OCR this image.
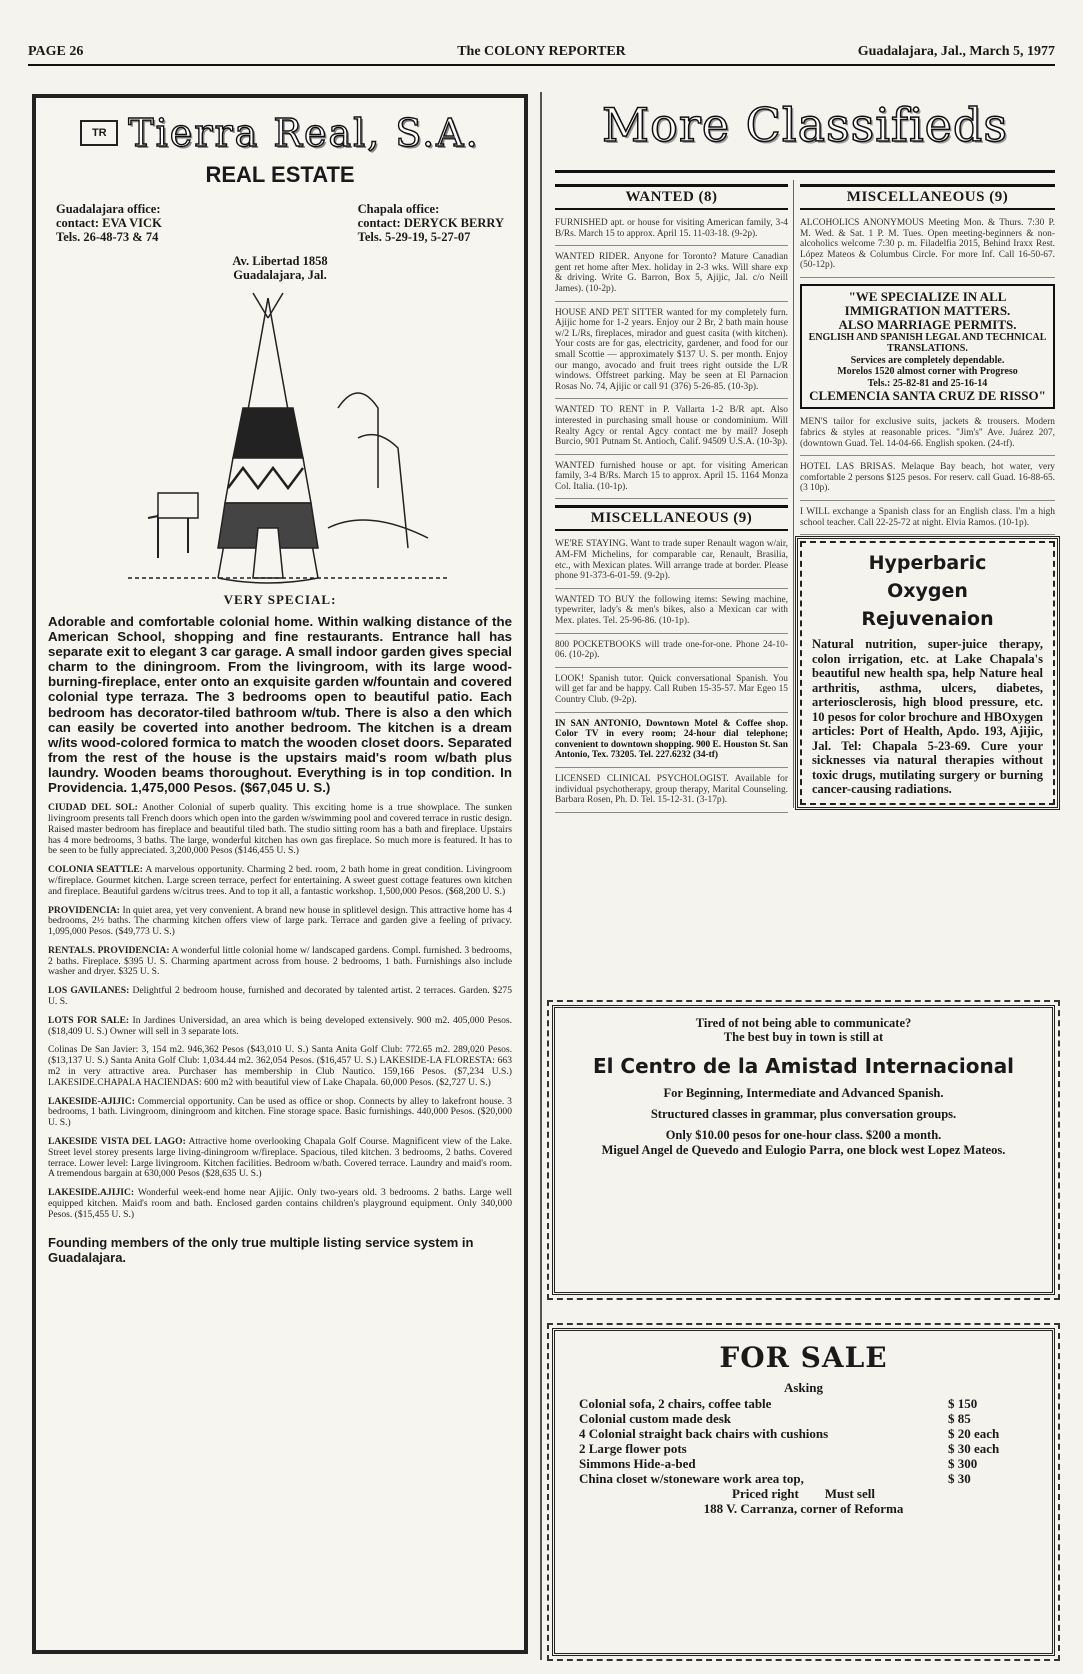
The COLONY REPORTER
PAGE 26	Guadalajara, Jal., March 5, 1977
TR Tierra Real, S.A.
REAL ESTATE
Guadalajara office:
contact: EVA VICK
Tels. 26-48-73 & 74
Chapala office:
contact: DERYCK BERRY
Tels. 5-29-19, 5-27-07
Av. Libertad 1858
Guadalajara, Jal.
VERY SPECIAL:
Adorable and comfortable colonial home. Within walking distance of the American School, shopping and fine restaurants. Entrance hall has separate exit to elegant 3 car garage. A small indoor garden gives special charm to the diningroom. From the livingroom, with its large wood-burning-fireplace, enter onto an exquisite garden w/fountain and covered colonial type terraza. The 3 bedrooms open to beautiful patio. Each bedroom has decorator-tiled bathroom w/tub. There is also a den which can easily be coverted into another bedroom. The kitchen is a dream w/its wood-colored formica to match the wooden closet doors. Separated from the rest of the house is the upstairs maid's room w/bath plus laundry. Wooden beams thoroughout. Everything is in top condition. In Providencia. 1,475,000 Pesos. ($67,045 U. S.)
CIUDAD DEL SOL: Another Colonial of superb quality. This exciting home is a true showplace. The sunken livingroom presents tall French doors which open into the garden w/swimming pool and covered terrace in rustic design. Raised master bedroom has fireplace and beautiful tiled bath. The studio sitting room has a bath and fireplace. Upstairs has 4 more bedrooms, 3 baths. The large, wonderful kitchen has own gas fireplace. So much more is featured. It has to be seen to be fully appreciated. 3,200,000 Pesos ($146,455 U. S.)
COLONIA SEATTLE: A marvelous opportunity. Charming 2 bed. room, 2 bath home in great condition. Livingroom w/fireplace. Gourmet kitchen. Large screen terrace, perfect for entertaining. A sweet guest cottage features own kitchen and fireplace. Beautiful gardens w/citrus trees. And to top it all, a fantastic workshop. 1,500,000 Pesos. ($68,200 U. S.)
PROVIDENCIA: In quiet area, yet very convenient. A brand new house in splitlevel design. This attractive home has 4 bedrooms, 2½ baths. The charming kitchen offers view of large park. Terrace and garden give a feeling of privacy. 1,095,000 Pesos. ($49,773 U. S.)
RENTALS. PROVIDENCIA: A wonderful little colonial home w/ landscaped gardens. Compl. furnished. 3 bedrooms, 2 baths. Fireplace. $395 U. S. Charming apartment across from house. 2 bedrooms, 1 bath. Furnishings also include washer and dryer. $325 U. S.
LOS GAVILANES: Delightful 2 bedroom house, furnished and decorated by talented artist. 2 terraces. Garden. $275 U. S.
LOTS FOR SALE: In Jardines Universidad, an area which is being developed extensively. 900 m2. 405,000 Pesos. ($18,409 U. S.) Owner will sell in 3 separate lots.
Colinas De San Javier: 3, 154 m2. 946,362 Pesos ($43,010 U. S.) Santa Anita Golf Club: 772.65 m2. 289,020 Pesos. ($13,137 U. S.) Santa Anita Golf Club: 1,034.44 m2. 362,054 Pesos. ($16,457 U. S.) LAKESIDE-LA FLORESTA: 663 m2 in very attractive area. Purchaser has membership in Club Nautico. 159,166 Pesos. ($7,234 U.S.) LAKESIDE.CHAPALA HACIENDAS: 600 m2 with beautiful view of Lake Chapala. 60,000 Pesos. ($2,727 U. S.)
LAKESIDE-AJIJIC: Commercial opportunity. Can be used as office or shop. Connects by alley to lakefront house. 3 bedrooms, 1 bath. Livingroom, diningroom and kitchen. Fine storage space. Basic furnishings. 440,000 Pesos. ($20,000 U. S.)
LAKESIDE VISTA DEL LAGO: Attractive home overlooking Chapala Golf Course. Magnificent view of the Lake. Street level storey presents large living-diningroom w/fireplace. Spacious, tiled kitchen. 3 bedrooms, 2 baths. Covered terrace. Lower level: Large livingroom. Kitchen facilities. Bedroom w/bath. Covered terrace. Laundry and maid's room. A tremendous bargain at 630,000 Pesos ($28,635 U. S.)
LAKESIDE.AJIJIC: Wonderful week-end home near Ajijic. Only two-years old. 3 bedrooms. 2 baths. Large well equipped kitchen. Maid's room and bath. Enclosed garden contains children's playground equipment. Only 340,000 Pesos. ($15,455 U. S.)
Founding members of the only true multiple listing service system in Guadalajara.
More Classifieds
WANTED (8)
FURNISHED apt. or house for visiting American family, 3-4 B/Rs. March 15 to approx. April 15. 11-03-18. (9-2p).
WANTED RIDER. Anyone for Toronto? Mature Canadian gent ret home after Mex. holiday in 2-3 wks. Will share exp & driving. Write G. Barron, Box 5, Ajijic, Jal. c/o Neill James). (10-2p).
HOUSE AND PET SITTER wanted for my completely furn. Ajijic home for 1-2 years. Enjoy our 2 Br, 2 bath main house w/2 L/Rs, fireplaces, mirador and guest casita (with kitchen). Your costs are for gas, electricity, gardener, and food for our small Scottie — approximately $137 U. S. per month. Enjoy our mango, avocado and fruit trees right outside the L/R windows. Offstreet parking. May be seen at El Parnacion Rosas No. 74, Ajijic or call 91 (376) 5-26-85. (10-3p).
WANTED TO RENT in P. Vallarta 1-2 B/R apt. Also interested in purchasing small house or condominium. Will Realty Agcy or rental Agcy contact me by mail? Joseph Burcio, 901 Putnam St. Antioch, Calif. 94509 U.S.A. (10-3p).
WANTED furnished house or apt. for visiting American family, 3-4 B/Rs. March 15 to approx. April 15. 1164 Monza Col. Italia. (10-1p).
MISCELLANEOUS (9)
WE'RE STAYING. Want to trade super Renault wagon w/air, AM-FM Michelins, for comparable car, Renault, Brasilia, etc., with Mexican plates. Will arrange trade at border. Please phone 91-373-6-01-59. (9-2p).
WANTED TO BUY the following items: Sewing machine, typewriter, lady's & men's bikes, also a Mexican car with Mex. plates. Tel. 25-96-86. (10-1p).
800 POCKETBOOKS will trade one-for-one. Phone 24-10-06. (10-2p).
LOOK! Spanish tutor. Quick conversational Spanish. You will get far and be happy. Call Ruben 15-35-57. Mar Egeo 15 Country Club. (9-2p).
IN SAN ANTONIO, Downtown Motel & Coffee shop. Color TV in every room; 24-hour dial telephone; convenient to downtown shopping. 900 E. Houston St. San Antonio, Tex. 73205. Tel. 227.6232 (34-tf)
LICENSED CLINICAL PSYCHOLOGIST. Available for individual psychotherapy, group therapy, Marital Counseling. Barbara Rosen, Ph. D. Tel. 15-12-31. (3-17p).
MISCELLANEOUS (9)
ALCOHOLICS ANONYMOUS Meeting Mon. & Thurs. 7:30 P. M. Wed. & Sat. 1 P. M. Tues. Open meeting-beginners & non-alcoholics welcome 7:30 p. m. Filadelfia 2015, Behind Iraxx Rest. López Mateos & Columbus Circle. For more Inf. Call 16-50-67. (50-12p).
"WE SPECIALIZE IN ALL IMMIGRATION MATTERS.
ALSO MARRIAGE PERMITS.
ENGLISH AND SPANISH LEGAL AND TECHNICAL TRANSLATIONS.
Services are completely dependable.
Morelos 1520 almost corner with Progreso
Tels.: 25-82-81 and 25-16-14
CLEMENCIA SANTA CRUZ DE RISSO"
MEN'S tailor for exclusive suits, jackets & trousers. Modern fabrics & styles at reasonable prices. "Jim's" Ave. Juárez 207, (downtown Guad. Tel. 14-04-66. English spoken. (24-tf).
HOTEL LAS BRISAS. Melaque Bay beach, hot water, very comfortable 2 persons $125 pesos. For reserv. call Guad. 16-88-65. (3 10p).
I WILL exchange a Spanish class for an English class. I'm a high school teacher. Call 22-25-72 at night. Elvia Ramos. (10-1p).
Hyperbaric
Oxygen
Rejuvenaion
Natural nutrition, super-juice therapy, colon irrigation, etc. at Lake Chapala's beautiful new health spa, help Nature heal arthritis, asthma, ulcers, diabetes, arteriosclerosis, high blood pressure, etc. 10 pesos for color brochure and HBOxygen articles: Port of Health, Apdo. 193, Ajijic, Jal. Tel: Chapala 5-23-69. Cure your sicknesses via natural therapies without toxic drugs, mutilating surgery or burning cancer-causing radiations.
Tired of not being able to communicate?
The best buy in town is still at
El Centro de la Amistad Internacional
For Beginning, Intermediate and Advanced Spanish.
Structured classes in grammar, plus conversation groups.
Only $10.00 pesos for one-hour class. $200 a month.
Miguel Angel de Quevedo and Eulogio Parra, one block west Lopez Mateos.
FOR SALE
Asking
Colonial sofa, 2 chairs, coffee table	$ 150
Colonial custom made desk	$ 85
4 Colonial straight back chairs with cushions	$ 20 each
2 Large flower pots	$ 30 each
Simmons Hide-a-bed	$ 300
China closet w/stoneware work area top,	$ 30
Priced right        Must sell
188 V. Carranza, corner of Reforma
